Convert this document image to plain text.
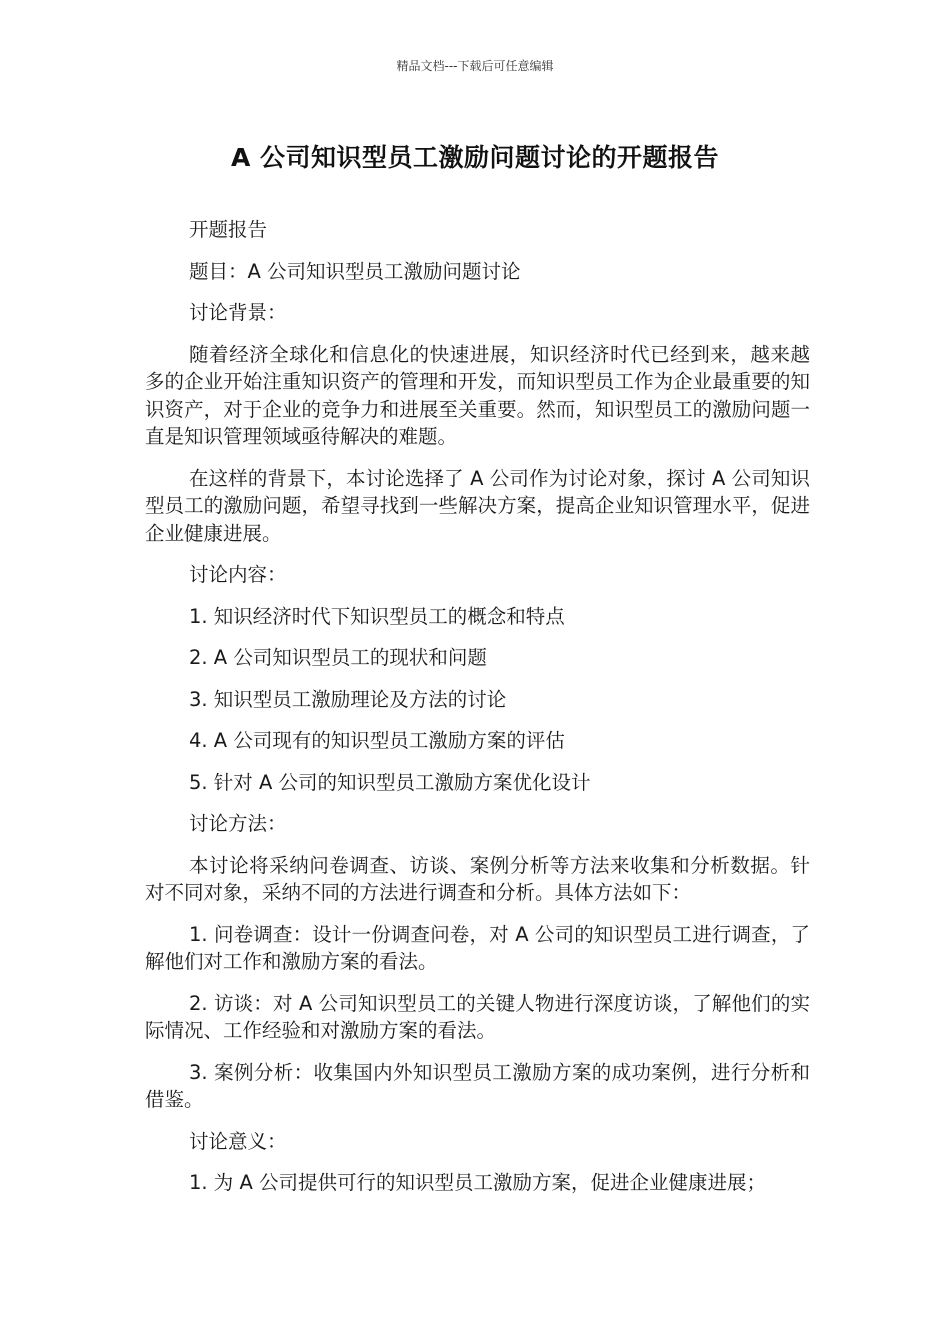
精品文档---下载后可任意编辑
A 公司知识型员工激励问题讨论的开题报告

开题报告

题目：A 公司知识型员工激励问题讨论

讨论背景：

随着经济全球化和信息化的快速进展，知识经济时代已经到来，越来越多的企业开始注重知识资产的管理和开发，而知识型员工作为企业最重要的知识资产，对于企业的竞争力和进展至关重要。然而，知识型员工的激励问题一直是知识管理领域亟待解决的难题。

在这样的背景下，本讨论选择了 A 公司作为讨论对象，探讨 A 公司知识型员工的激励问题，希望寻找到一些解决方案，提高企业知识管理水平，促进企业健康进展。

讨论内容：

1. 知识经济时代下知识型员工的概念和特点

2. A 公司知识型员工的现状和问题

3. 知识型员工激励理论及方法的讨论

4. A 公司现有的知识型员工激励方案的评估

5. 针对 A 公司的知识型员工激励方案优化设计

讨论方法：

本讨论将采纳问卷调查、访谈、案例分析等方法来收集和分析数据。针对不同对象，采纳不同的方法进行调查和分析。具体方法如下：

1. 问卷调查：设计一份调查问卷，对 A 公司的知识型员工进行调查，了解他们对工作和激励方案的看法。

2. 访谈：对 A 公司知识型员工的关键人物进行深度访谈，了解他们的实际情况、工作经验和对激励方案的看法。

3. 案例分析：收集国内外知识型员工激励方案的成功案例，进行分析和借鉴。

讨论意义：

1. 为 A 公司提供可行的知识型员工激励方案，促进企业健康进展；
